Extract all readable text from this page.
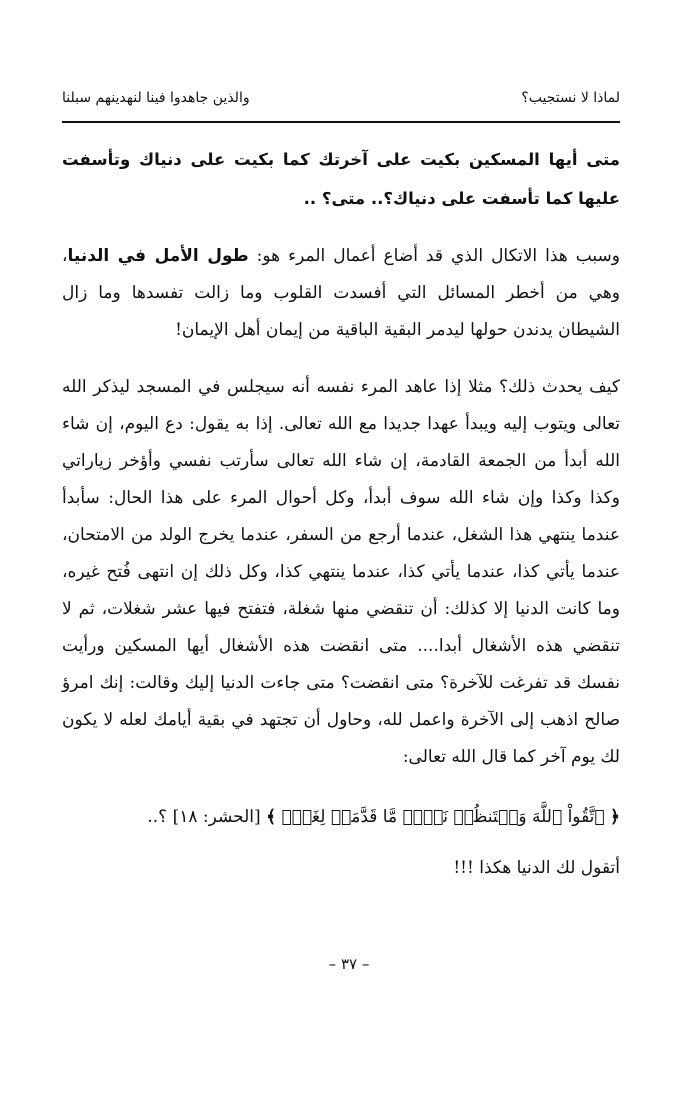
لماذا لا نستجيب؟
والذين جاهدوا فينا لنهدينهم سبلنا

متى أيها المسكين بكيت على آخرتك كما بكيت على دنياك وتأسفت عليها كما تأسفت على دنياك؟.. متى؟ ..

وسبب هذا الاتكال الذي قد أضاع أعمال المرء هو: طول الأمل في الدنيا، وهي من أخطر المسائل التي أفسدت القلوب وما زالت تفسدها وما زال الشيطان يدندن حولها ليدمر البقية الباقية من إيمان أهل الإيمان!

كيف يحدث ذلك؟ مثلا إذا عاهد المرء نفسه أنه سيجلس في المسجد ليذكر الله تعالى ويتوب إليه ويبدأ عهدا جديدا مع الله تعالى. إذا به يقول: دع اليوم، إن شاء الله أبدأ من الجمعة القادمة، إن شاء الله تعالى سأرتب نفسي وأؤخر زياراتي وكذا وكذا وإن شاء الله سوف أبدأ، وكل أحوال المرء على هذا الحال: سأبدأ عندما ينتهي هذا الشغل، عندما أرجع من السفر، عندما يخرج الولد من الامتحان، عندما يأتي كذا، عندما يأتي كذا، عندما ينتهي كذا، وكل ذلك إن انتهى فُتح غيره، وما كانت الدنيا إلا كذلك: أن تنقضي منها شغلة، فتفتح فيها عشر شغلات، ثم لا تنقضي هذه الأشغال أبدا.... متى انقضت هذه الأشغال أيها المسكين ورأيت نفسك قد تفرغت للآخرة؟ متى انقضت؟ متى جاءت الدنيا إليك وقالت: إنك امرؤ صالح اذهب إلى الآخرة واعمل لله، وحاول أن تجتهد في بقية أيامك لعله لا يكون لك يوم آخر كما قال الله تعالى:

﴿ ٱتَّقُواْ ٱللَّهَ وَلۡتَنظُرۡ نَفۡسٞ مَّا قَدَّمَتۡ لِغَدٖۖ ﴾ [الحشر: ١٨] ؟..

أتقول لك الدنيا هكذا !!!

– ٣٧ –
